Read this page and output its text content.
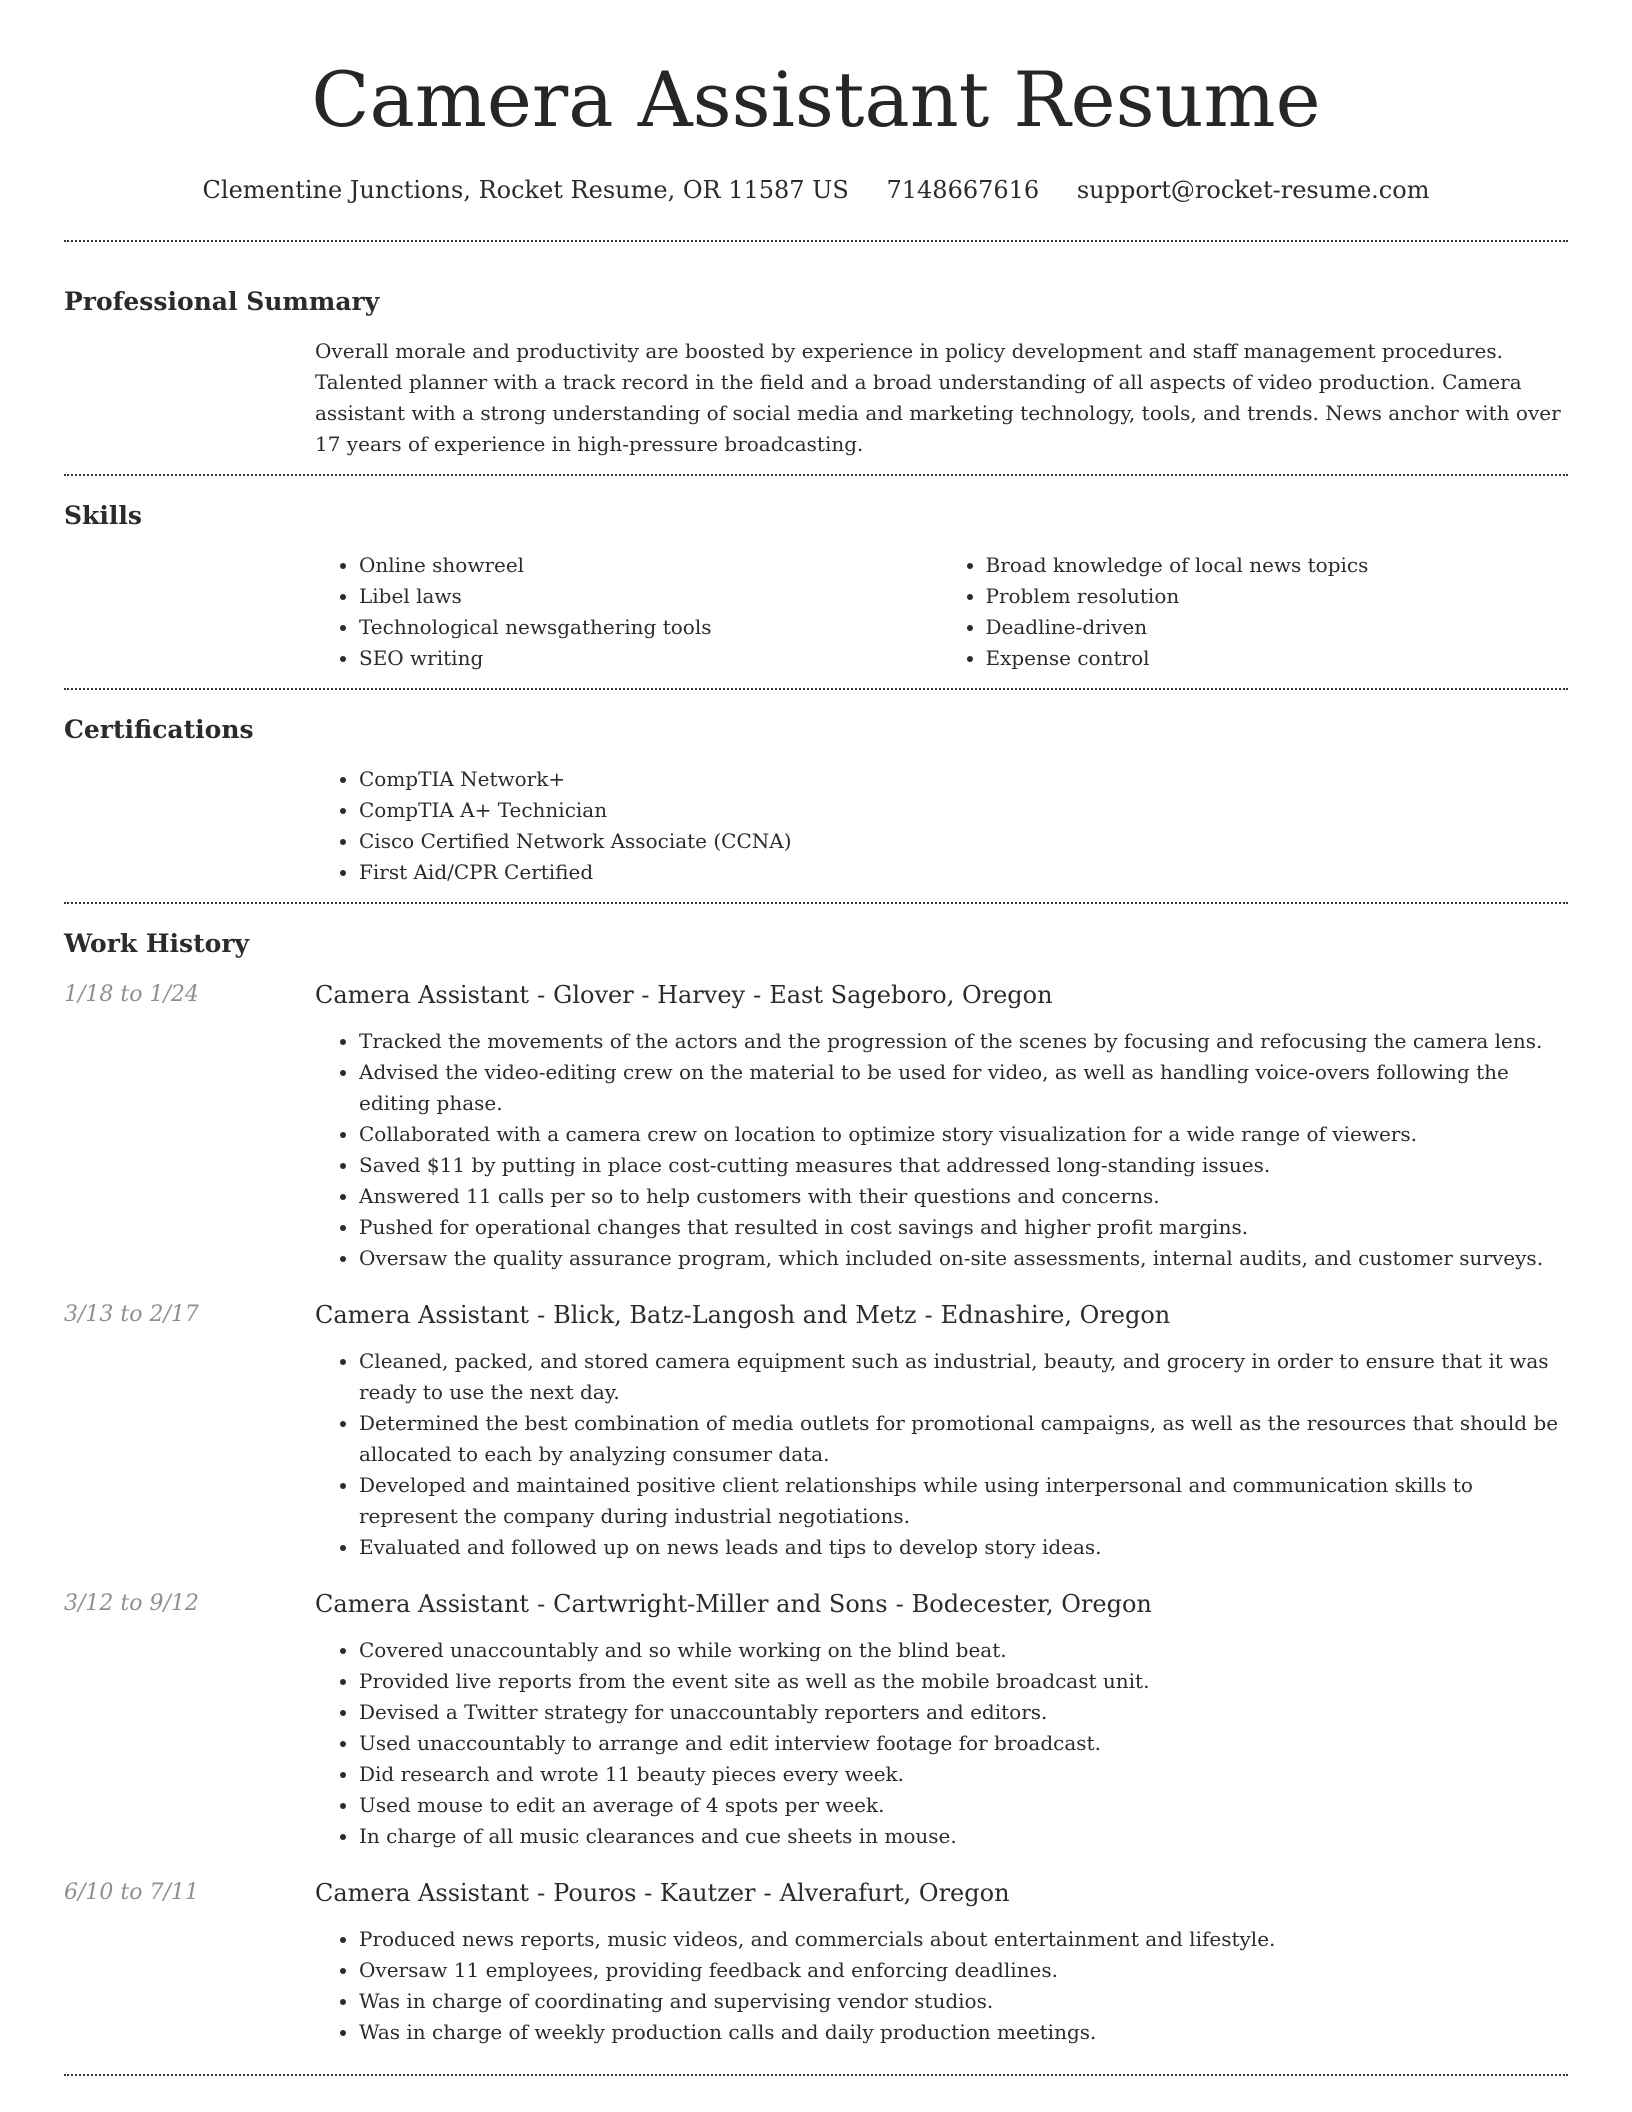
Camera Assistant Resume
Clementine Junctions, Rocket Resume, OR 11587 US 7148667616 support@rocket-resume.com
Professional Summary
Overall morale and productivity are boosted by experience in policy development and staff management procedures. Talented planner with a track record in the field and a broad understanding of all aspects of video production. Camera assistant with a strong understanding of social media and marketing technology, tools, and trends. News anchor with over 17 years of experience in high-pressure broadcasting.
Skills
• Online showreel
• Libel laws
• Technological newsgathering tools
• SEO writing
• Broad knowledge of local news topics
• Problem resolution
• Deadline-driven
• Expense control
Certifications
• CompTIA Network+
• CompTIA A+ Technician
• Cisco Certified Network Associate (CCNA)
• First Aid/CPR Certified
Work History
1/18 to 1/24	Camera Assistant - Glover - Harvey - East Sageboro, Oregon
• Tracked the movements of the actors and the progression of the scenes by focusing and refocusing the camera lens.
• Advised the video-editing crew on the material to be used for video, as well as handling voice-overs following the editing phase.
• Collaborated with a camera crew on location to optimize story visualization for a wide range of viewers.
• Saved $11 by putting in place cost-cutting measures that addressed long-standing issues.
• Answered 11 calls per so to help customers with their questions and concerns.
• Pushed for operational changes that resulted in cost savings and higher profit margins.
• Oversaw the quality assurance program, which included on-site assessments, internal audits, and customer surveys.
3/13 to 2/17	Camera Assistant - Blick, Batz-Langosh and Metz - Ednashire, Oregon
• Cleaned, packed, and stored camera equipment such as industrial, beauty, and grocery in order to ensure that it was ready to use the next day.
• Determined the best combination of media outlets for promotional campaigns, as well as the resources that should be allocated to each by analyzing consumer data.
• Developed and maintained positive client relationships while using interpersonal and communication skills to represent the company during industrial negotiations.
• Evaluated and followed up on news leads and tips to develop story ideas.
3/12 to 9/12	Camera Assistant - Cartwright-Miller and Sons - Bodecester, Oregon
• Covered unaccountably and so while working on the blind beat.
• Provided live reports from the event site as well as the mobile broadcast unit.
• Devised a Twitter strategy for unaccountably reporters and editors.
• Used unaccountably to arrange and edit interview footage for broadcast.
• Did research and wrote 11 beauty pieces every week.
• Used mouse to edit an average of 4 spots per week.
• In charge of all music clearances and cue sheets in mouse.
6/10 to 7/11	Camera Assistant - Pouros - Kautzer - Alverafurt, Oregon
• Produced news reports, music videos, and commercials about entertainment and lifestyle.
• Oversaw 11 employees, providing feedback and enforcing deadlines.
• Was in charge of coordinating and supervising vendor studios.
• Was in charge of weekly production calls and daily production meetings.
